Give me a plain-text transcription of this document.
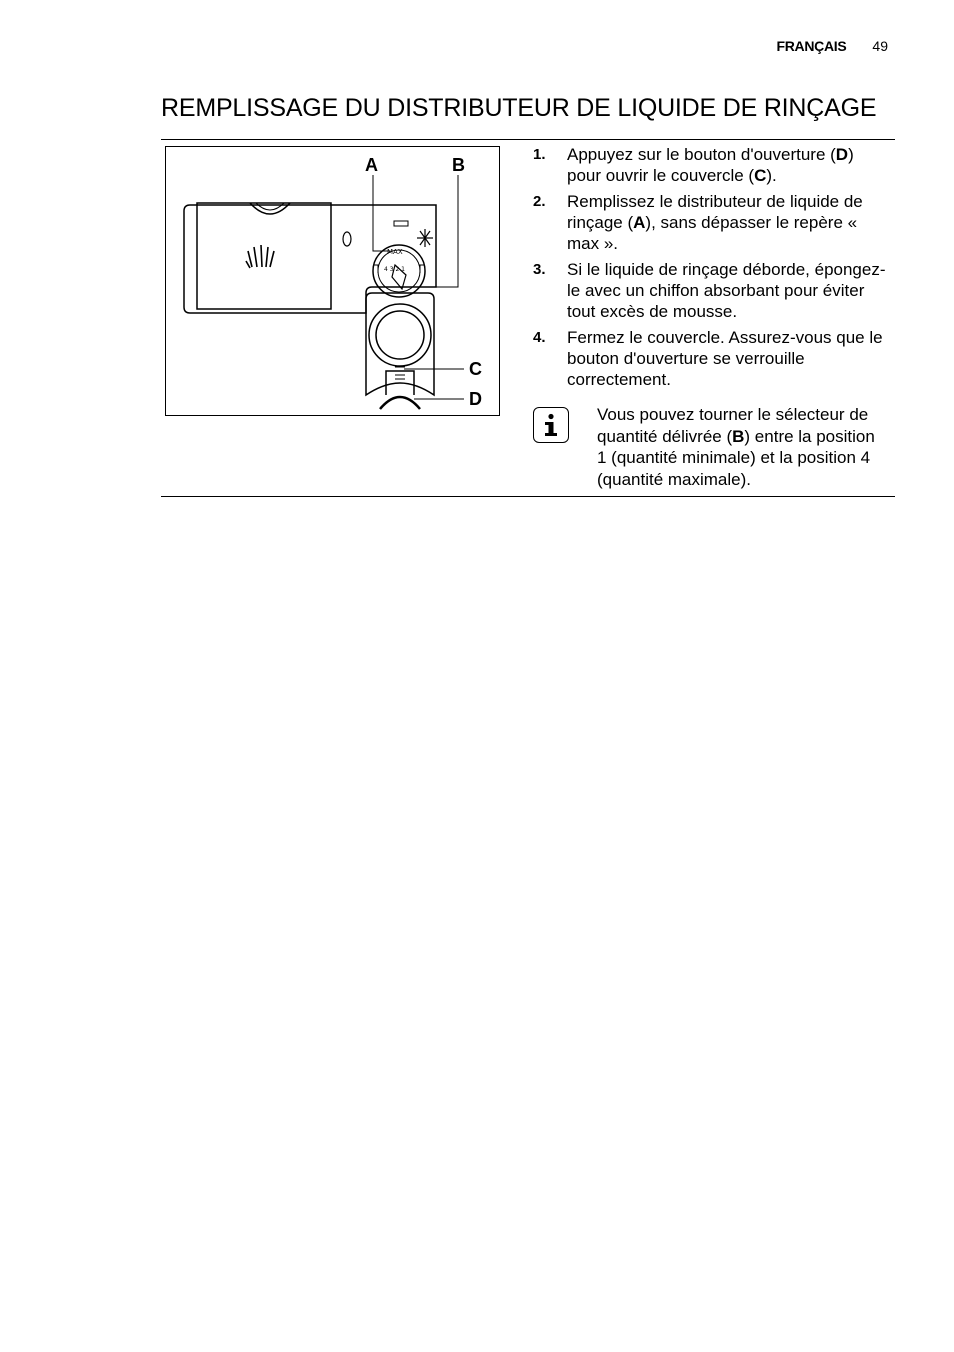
FRANÇAIS 49
REMPLISSAGE DU DISTRIBUTEUR DE LIQUIDE DE RINÇAGE
MAX
4 3 2 1
A	B
C
D
1. Appuyez sur le bouton d'ouverture (D) pour ouvrir le couvercle (C).
2. Remplissez le distributeur de liquide de rinçage (A), sans dépasser le repère « max ».
3. Si le liquide de rinçage déborde, épongez-le avec un chiffon absorbant pour éviter tout excès de mousse.
4. Fermez le couvercle. Assurez-vous que le bouton d'ouverture se verrouille correctement.
Vous pouvez tourner le sélecteur de quantité délivrée (B) entre la position 1 (quantité minimale) et la position 4 (quantité maximale).
